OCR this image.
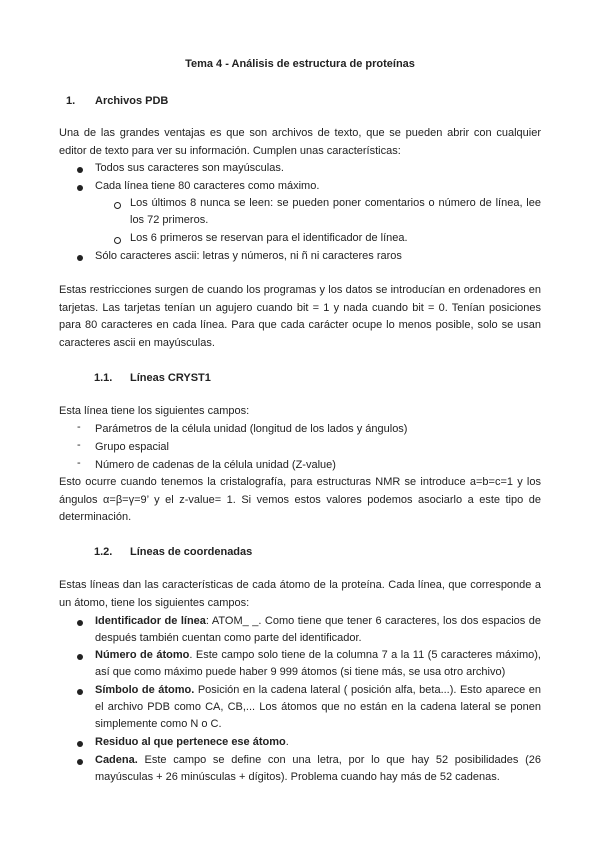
Tema 4 - Análisis de estructura de proteínas
1. Archivos PDB
Una de las grandes ventajas es que son archivos de texto, que se pueden abrir con cualquier editor de texto para ver su información. Cumplen unas características:
Todos sus caracteres son mayúsculas.
Cada línea tiene 80 caracteres como máximo.
Los últimos 8 nunca se leen: se pueden poner comentarios o número de línea, lee los 72 primeros.
Los 6 primeros se reservan para el identificador de línea.
Sólo caracteres ascii: letras y números, ni ñ ni caracteres raros
Estas restricciones surgen de cuando los programas y los datos se introducían en ordenadores en tarjetas. Las tarjetas tenían un agujero cuando bit = 1 y nada cuando bit = 0. Tenían posiciones para 80 caracteres en cada línea. Para que cada carácter ocupe lo menos posible, solo se usan caracteres ascii en mayúsculas.
1.1. Líneas CRYST1
Esta línea tiene los siguientes campos:
- Parámetros de la célula unidad (longitud de los lados y ángulos)
- Grupo espacial
- Número de cadenas de la célula unidad (Z-value)
Esto ocurre cuando tenemos la cristalografía, para estructuras NMR se introduce a=b=c=1 y los ángulos α=β=γ=9’ y el z-value= 1. Si vemos estos valores podemos asociarlo a este tipo de determinación.
1.2. Líneas de coordenadas
Estas líneas dan las características de cada átomo de la proteína. Cada línea, que corresponde a un átomo, tiene los siguientes campos:
Identificador de línea: ATOM_ _. Como tiene que tener 6 caracteres, los dos espacios de después también cuentan como parte del identificador.
Número de átomo. Este campo solo tiene de la columna 7 a la 11 (5 caracteres máximo), así que como máximo puede haber 9 999 átomos (si tiene más, se usa otro archivo)
Símbolo de átomo. Posición en la cadena lateral ( posición alfa, beta...). Esto aparece en el archivo PDB como CA, CB,... Los átomos que no están en la cadena lateral se ponen simplemente como N o C.
Residuo al que pertenece ese átomo.
Cadena. Este campo se define con una letra, por lo que hay 52 posibilidades (26 mayúsculas + 26 minúsculas + dígitos). Problema cuando hay más de 52 cadenas.
